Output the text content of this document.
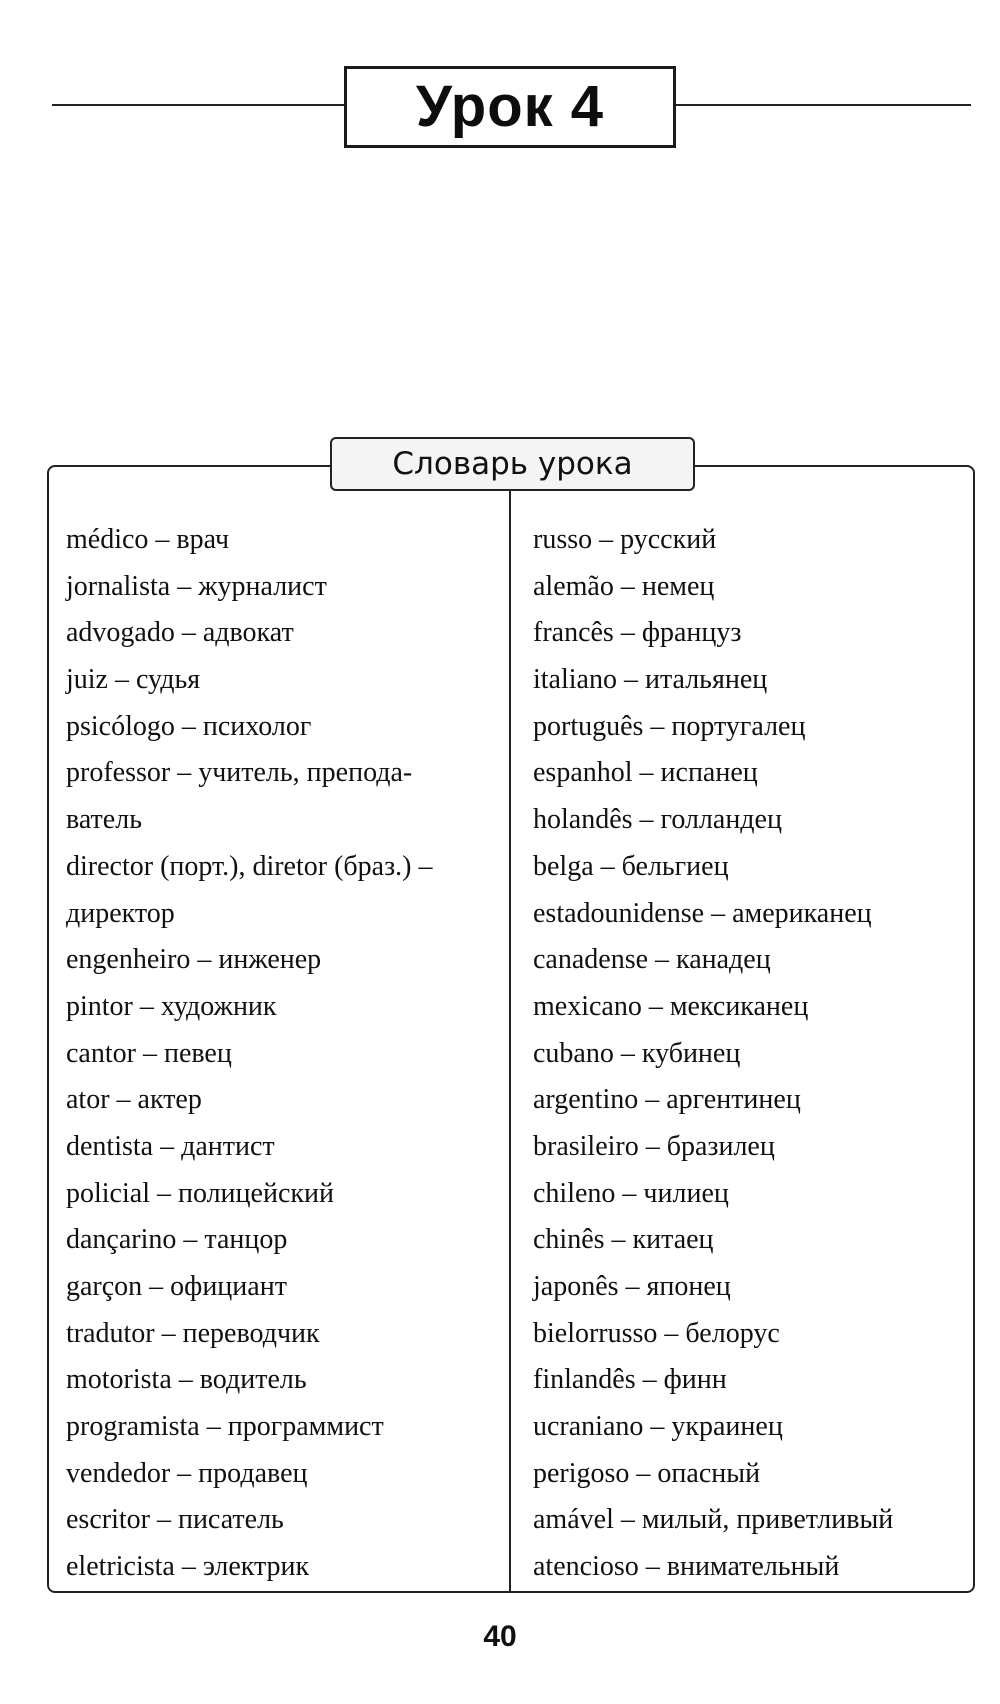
Урок 4
Словарь урока
médico – врач
jornalista – журналист
advogado – адвокат
juiz – судья
psicólogo – психолог
professor – учитель, препода-
ватель
director (порт.), diretor (браз.) –
директор
engenheiro – инженер
pintor – художник
cantor – певец
ator – актер
dentista – дантист
policial – полицейский
dançarino – танцор
garçon – официант
tradutor – переводчик
motorista – водитель
programista – программист
vendedor – продавец
escritor – писатель
eletricista – электрик
russo – русский
alemão – немец
francês – француз
italiano – итальянец
português – португалец
espanhol – испанец
holandês – голландец
belga – бельгиец
estadounidense – американец
canadense – канадец
mexicano – мексиканец
cubano – кубинец
argentino – аргентинец
brasileiro – бразилец
chileno – чилиец
chinês – китаец
japonês – японец
bielorrusso – белорус
finlandês – финн
ucraniano – украинец
perigoso – опасный
amável – милый, приветливый
atencioso – внимательный
40
